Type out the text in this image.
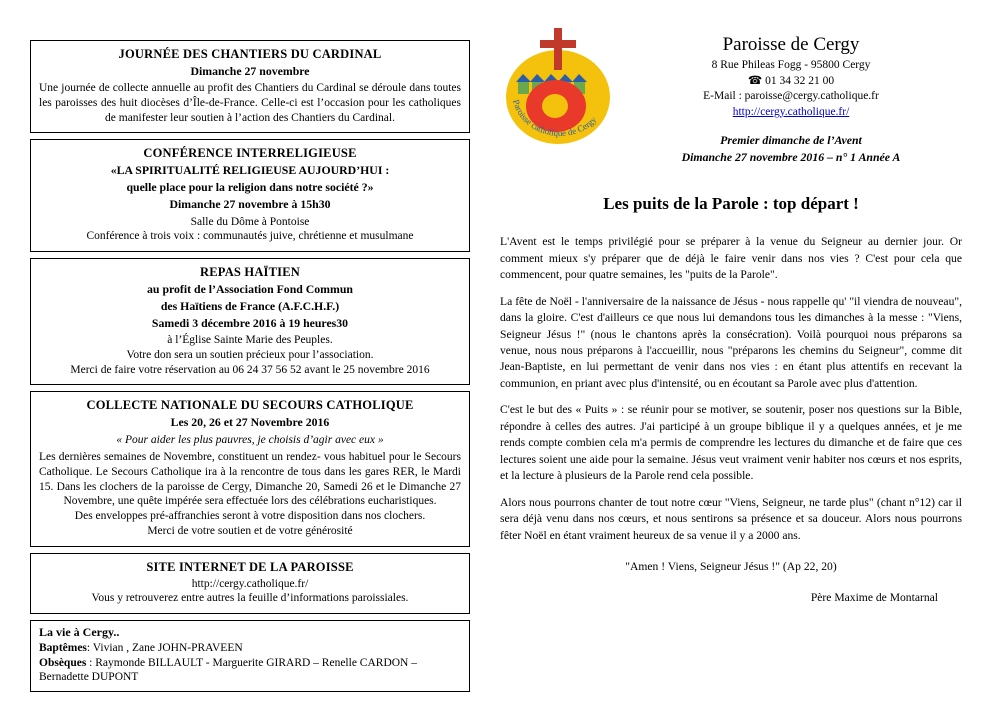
JOURNÉE DES CHANTIERS DU CARDINAL
Dimanche 27 novembre

Une journée de collecte annuelle au profit des Chantiers du Cardinal se déroule dans toutes les paroisses des huit diocèses d’Île-de-France. Celle-ci est l’occasion pour les catholiques de manifester leur soutien à l’action des Chantiers du Cardinal.

CONFÉRENCE INTERRELIGIEUSE
«LA SPIRITUALITÉ RELIGIEUSE AUJOURD’HUI :
quelle place pour la religion dans notre société ?»
Dimanche 27 novembre à 15h30

Salle du Dôme à Pontoise

Conférence à trois voix : communautés juive, chrétienne et musulmane

REPAS HAÏTIEN
au profit de l’Association Fond Commun
des Haïtiens de France (A.F.C.H.F.)
Samedi 3 décembre 2016 à 19 heures30

à l’Église Sainte Marie des Peuples.

Votre don sera un soutien précieux pour l’association.

Merci de faire votre réservation au 06 24 37 56 52 avant le 25 novembre 2016

COLLECTE NATIONALE DU SECOURS CATHOLIQUE
Les 20, 26 et 27 Novembre 2016

« Pour aider les plus pauvres, je choisis d’agir avec eux »

Les dernières semaines de Novembre, constituent un rendez- vous habituel pour le Secours Catholique. Le Secours Catholique ira à la rencontre de tous dans les gares RER, le Mardi 15. Dans les clochers de la paroisse de Cergy, Dimanche 20, Samedi 26 et le Dimanche 27 Novembre, une quête impérée sera effectuée lors des célébrations eucharistiques.

Des enveloppes pré-affranchies seront à votre disposition dans nos clochers.

Merci de votre soutien et de votre générosité

SITE INTERNET DE LA PAROISSE

http://cergy.catholique.fr/

Vous y retrouverez entre autres la feuille d’informations paroissiales.

La vie à Cergy..
Baptêmes: Vivian , Zane JOHN-PRAVEEN
Obsèques : Raymonde BILLAULT - Marguerite GIRARD – Renelle CARDON – Bernadette DUPONT
Paroisse catholique de Cergy
Paroisse de Cergy
8 Rue Phileas Fogg - 95800 Cergy
☎ 01 34 32 21 00
E-Mail : paroisse@cergy.catholique.fr
http://cergy.catholique.fr/
Premier dimanche de l’Avent
Dimanche 27 novembre 2016 – n° 1 Année A
Les puits de la Parole : top départ !

L'Avent est le temps privilégié pour se préparer à la venue du Seigneur au dernier jour. Or comment mieux s'y préparer que de déjà le faire venir dans nos vies ? C'est pour cela que commencent, pour quatre semaines, les "puits de la Parole".

La fête de Noël - l'anniversaire de la naissance de Jésus - nous rappelle qu' "il viendra de nouveau", dans la gloire. C'est d'ailleurs ce que nous lui demandons tous les dimanches à la messe : "Viens, Seigneur Jésus !" (nous le chantons après la consécration). Voilà pourquoi nous préparons sa venue, nous nous préparons à l'accueillir, nous "préparons les chemins du Seigneur", comme dit Jean-Baptiste, en lui permettant de venir dans nos vies : en étant plus attentifs en recevant la communion, en priant avec plus d'intensité, ou en écoutant sa Parole avec plus d'attention.

C'est le but des « Puits » : se réunir pour se motiver, se soutenir, poser nos questions sur la Bible, répondre à celles des autres. J'ai participé à un groupe biblique il y a quelques années, et je me rends compte combien cela m'a permis de comprendre les lectures du dimanche et de faire que ces lectures soient une aide pour la semaine. Jésus veut vraiment venir habiter nos cœurs et nos esprits, et la lecture à plusieurs de la Parole rend cela possible.

Alors nous pourrons chanter de tout notre cœur "Viens, Seigneur, ne tarde plus" (chant n°12) car il sera déjà venu dans nos cœurs, et nous sentirons sa présence et sa douceur. Alors nous pourrons fêter Noël en étant vraiment heureux de sa venue il y a 2000 ans.

"Amen ! Viens, Seigneur Jésus !" (Ap 22, 20)
Père Maxime de Montarnal
